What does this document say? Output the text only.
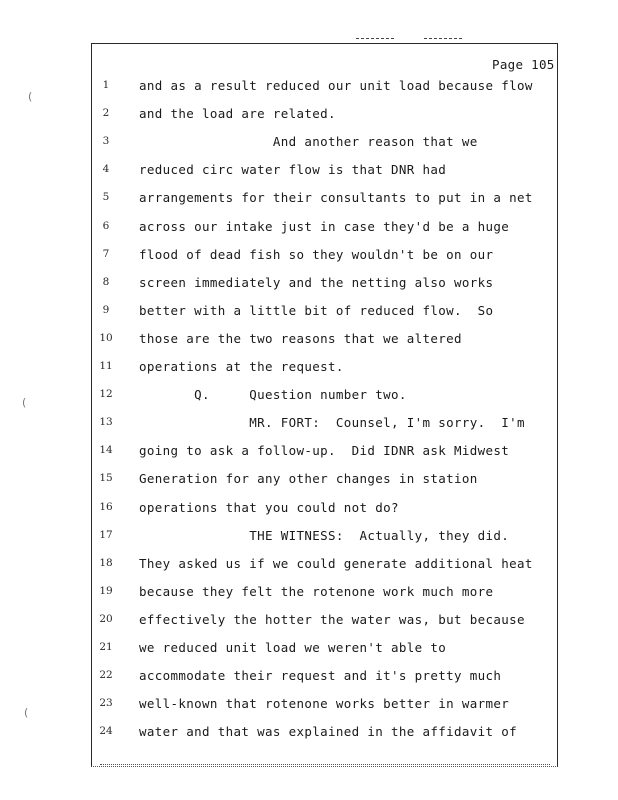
(
(
(
Page 105
1	and as a result reduced our unit load because flow
2	and the load are related.
3	And another reason that we
4	reduced circ water flow is that DNR had
5	arrangements for their consultants to put in a net
6	across our intake just in case they'd be a huge
7	flood of dead fish so they wouldn't be on our
8	screen immediately and the netting also works
9	better with a little bit of reduced flow.  So
10 those are the two reasons that we altered
11 operations at the request.
12 Q.     Question number two.
13 MR. FORT:  Counsel, I'm sorry.  I'm
14 going to ask a follow-up.  Did IDNR ask Midwest
15 Generation for any other changes in station
16 operations that you could not do?
17 THE WITNESS:  Actually, they did.
18 They asked us if we could generate additional heat
19 because they felt the rotenone work much more
20 effectively the hotter the water was, but because
21 we reduced unit load we weren't able to
22 accommodate their request and it's pretty much
23 well-known that rotenone works better in warmer
24 water and that was explained in the affidavit of
